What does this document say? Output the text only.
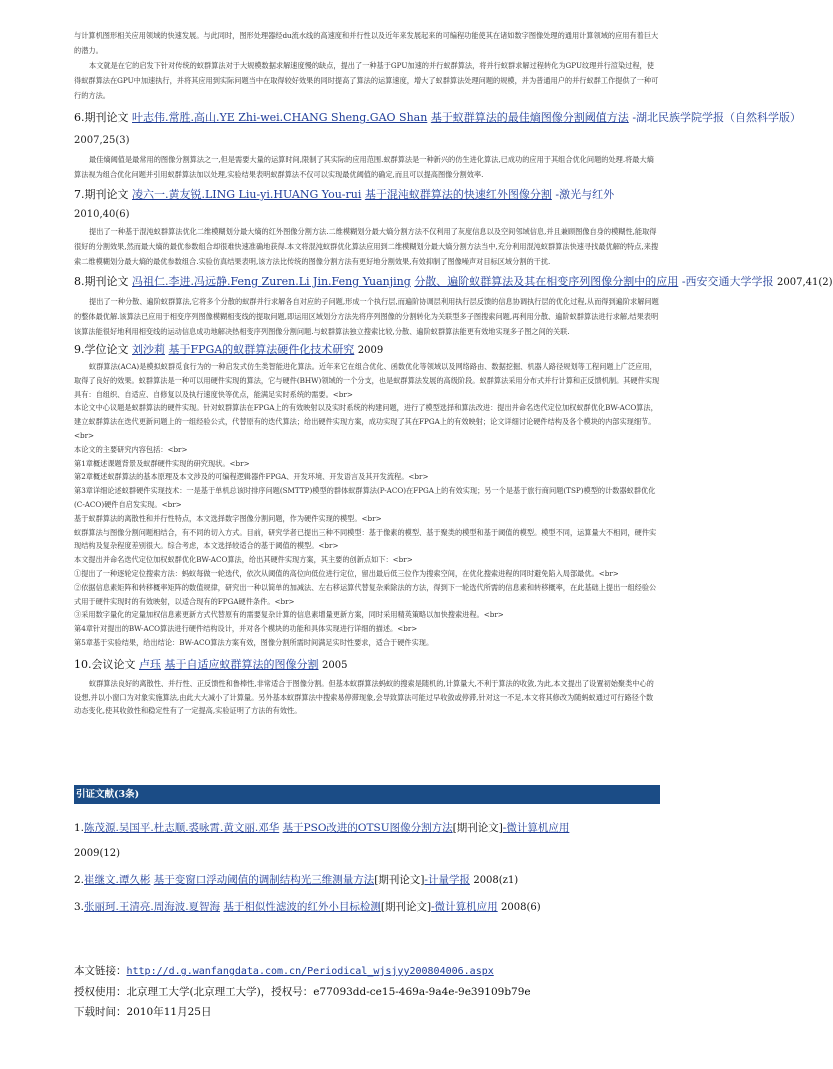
与计算机图形相关应用领域的快速发展。与此同时，图形处理器经du流水线的高速度和并行性以及近年来发展起来的可编程功能使其在诸如数字图像处理的通用计算领域的应用有着巨大的潜力。

本文就是在它的启发下针对传统的蚁群算法对于大规模数据求解速度慢的缺点，提出了一种基于GPU加速的并行蚁群算法，将并行蚁群求解过程转化为GPU纹理并行渲染过程，使得蚁群算法在GPU中加速执行，并将其应用到实际问题当中在取得较好效果的同时提高了算法的运算速度，增大了蚁群算法处理问题的规模，并为普通用户的并行蚁群工作提供了一种可行的方法。

6.期刊论文 叶志伟.常胜.高山.YE Zhi-wei.CHANG Sheng.GAO Shan 基于蚁群算法的最佳熵图像分割阈值方法 -湖北民族学院学报（自然科学版）

2007,25(3)

最佳熵阈值是最常用的图像分割算法之一,但是需要大量的运算时间,限制了其实际的应用范围.蚁群算法是一种新兴的仿生进化算法,已成功的应用于其组合优化问题的处理.将最大熵算法视为组合优化问题并引用蚁群算法加以处理,实验结果表明蚁群算法不仅可以实现最优阈值的确定,而且可以提高图像分割效率.

7.期刊论文 凌六一.黄友锐.LING Liu-yi.HUANG You-rui 基于混沌蚁群算法的快速红外图像分割 -激光与红外

2010,40(6)

提出了一种基于混沌蚁群算法优化二维模糊划分最大熵的红外图像分割方法.二维模糊划分最大熵分割方法不仅利用了灰度信息以及空间邻域信息,并且兼顾图像自身的模糊性,能取得很好的分割效果,然而最大熵的最优参数组合却很难快速准确地获得.本文将混沌蚁群优化算法应用到二维模糊划分最大熵分割方法当中,充分利用混沌蚁群算法快速寻找最优解的特点,来搜索二维模糊划分最大熵的最优参数组合.实验仿真结果表明,该方法比传统的图像分割方法有更好地分割效果,有效抑制了图像噪声对目标区域分割的干扰.

8.期刊论文 冯祖仁.李进.冯远静.Feng Zuren.Li Jin.Feng Yuanjing 分散、遍阶蚁群算法及其在相变序列图像分割中的应用 -西安交通大学学报 2007,41(2)

提出了一种分散、遍阶蚁群算法,它将多个分散的蚁群并行求解各自对应的子问题,形成一个执行层,而遍阶协调层利用执行层反馈的信息协调执行层的优化过程,从而得到遍阶求解问题的整体最优解.该算法已应用于相变序列图像模糊相变线的提取问题,即运用区域划分方法先将序列图像的分割转化为关联型多子图搜索问题,再利用分散、遍阶蚁群算法进行求解,结果表明该算法能很好地利用相变线的运动信息成功地解决热相变序列图像分割问题.与蚁群算法独立搜索比较,分散、遍阶蚁群算法能更有效地实现多子图之间的关联.

9.学位论文 刘沙莉 基于FPGA的蚁群算法硬件化技术研究 2009

蚁群算法(ACA)是模拟蚁群觅食行为的一种启发式仿生类智能进化算法。近年来它在组合优化、函数优化等领域以及网络路由、数据挖掘、机器人路径规划等工程问题上广泛应用，取得了良好的效果。蚁群算法是一种可以用硬件实现的算法，它与硬件(BHW)领域的一个分支，也是蚁群算法发展的高级阶段。蚁群算法采用分布式并行计算和正反馈机制。其硬件实现具有：自组织、自适应、自修复以及执行速度快等优点，能满足实时系统的需要。<br>

本论文中心议题是蚁群算法的硬件实现。针对蚁群算法在FPGA上的有效映射以及实时系统的构建问题，进行了模型选择和算法改进：提出并命名迭代定位加权蚁群优化BW-ACO算法，建立蚁群算法在迭代更新问题上的一组经验公式，代替原有的迭代算法；给出硬件实现方案，成功实现了其在FPGA上的有效映射；论文详细讨论硬件结构及各个模块的内部实现细节。<br>

本论文的主要研究内容包括：<br>

第1章概述课题背景及蚁群硬件实现的研究现状。<br>

第2章概述蚁群算法的基本原理及本文涉及的可编程逻辑器件FPGA、开发环境、开发语言及其开发流程。<br>

第3章详细论述蚁群硬件实现技术：一是基于单机总该时排序问题(SMTTP)模型的群体蚁群算法(P-ACO)在FPGA上的有效实现；另一个是基于旅行商问题(TSP)模型的计数器蚁群优化(C-ACO)硬件自启发实现。<br>

基于蚁群算法的离散性和并行性特点，本文选择数字图像分割问题，作为硬件实现的模型。<br>

蚁群算法与图像分割问题相结合，有不同的切入方式。目前，研究学者已提出三种不同模型：基于像素的模型、基于聚类的模型和基于阈值的模型。模型不同，运算量大不相同，硬件实现结构及复杂程度差别很大。综合考虑，本文选择较适合的基于阈值的模型。<br>

本文提出并命名迭代定位加权蚁群优化BW-ACO算法，给出其硬件实现方案，其主要的创新点如下：<br>

①提出了一种逐轮定位搜索方法：蚂蚁每做一轮选代，依次从阈值的高位向低位进行定位，留出最后低三位作为搜索空间，在优化搜索进程的同时避免陷入局部最优。<br>

②依据信息素矩阵和转移概率矩阵的数值规律，研究出一种以简单的加减法、左右移运算代替复杂乘除法的方法，得到下一轮选代所需的信息素和转移概率，在此基础上提出一组经验公式用于硬件实现时的有效映射，以适合现有的FPGA硬件条件。<br>

③采用数字量化的定量加权信息素更新方式代替原有的需要复杂计算的信息素增量更新方案，同时采用精英策略以加快搜索进程。<br>

第4章针对提出的BW-ACO算法进行硬件结构设计，并对各个模块的功能和具体实现进行详细的描述。<br>

第5章基于实验结果，给出结论：BW-ACO算法方案有效，图像分割所需时间满足实时性要求，适合于硬件实现。

10.会议论文 卢珏 基于自适应蚁群算法的图像分割 2005

蚁群算法良好的离散性、并行性、正反馈性和鲁棒性,非常适合于图像分割。但基本蚁群算法蚂蚁的搜索是随机的,计算量大,不利于算法的收敛,为此,本文提出了设置初始聚类中心的设想,并以小窗口为对象实施算法,由此大大减小了计算量。另外基本蚁群算法中搜索易停滞现象,会导致算法可能过早收敛或停滞,针对这一不足,本文将其修改为随蚂蚁通过可行路径个数动态变化,使其收敛性和稳定性有了一定提高,实验证明了方法的有效性。

引证文献(3条)

1.陈茂源.吴国平.杜志顺.裘咏霄.黄文丽.邓华 基于PSO改进的OTSU图像分割方法[期刊论文]-微计算机应用

2009(12)

2.崔继文.谭久彬 基于变窗口浮动阈值的调制结构光三维测量方法[期刊论文]-计量学报 2008(z1)

3.张丽珂.王清亮.周海波.夏智海 基于相似性滤波的红外小目标检测[期刊论文]-微计算机应用 2008(6)

本文链接：http://d.g.wanfangdata.com.cn/Periodical_wjsjyy200804006.aspx

授权使用：北京理工大学(北京理工大学)，授权号：e77093dd-ce15-469a-9a4e-9e39109b79e

下载时间：2010年11月25日
